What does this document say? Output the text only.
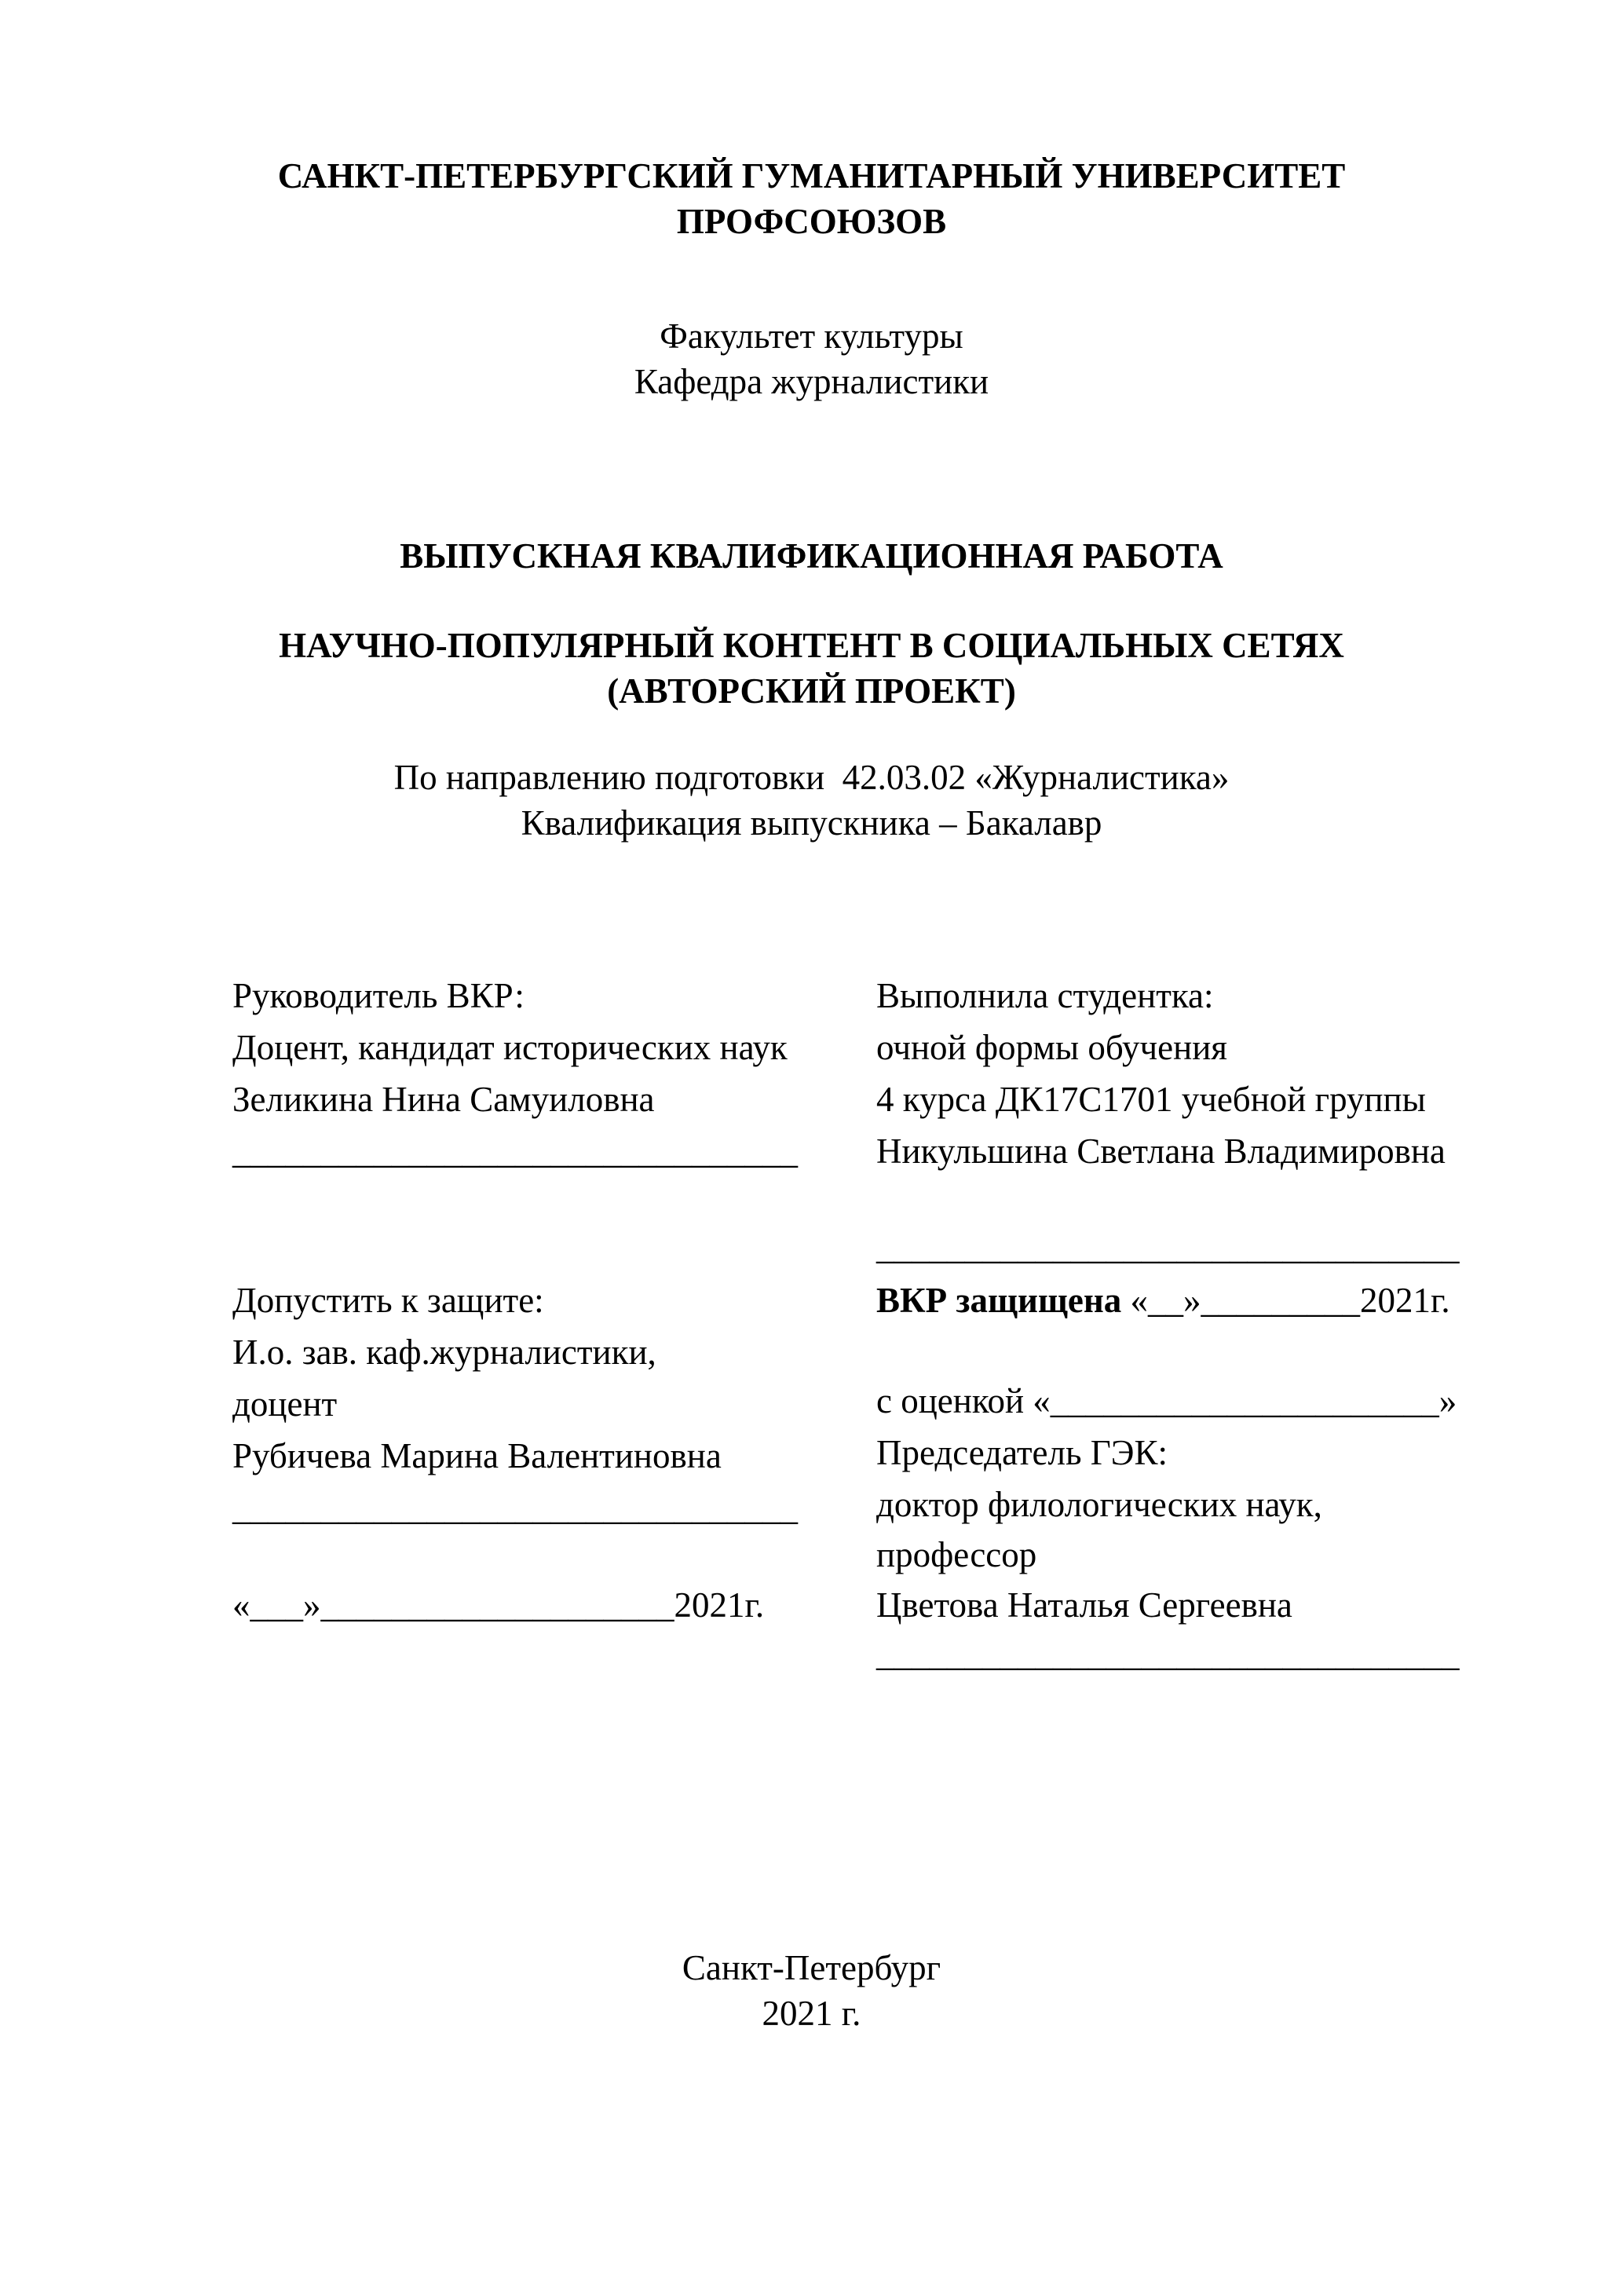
САНКТ-ПЕТЕРБУРГСКИЙ ГУМАНИТАРНЫЙ УНИВЕРСИТЕТ
ПРОФСОЮЗОВ
Факультет культуры
Кафедра журналистики
ВЫПУСКНАЯ КВАЛИФИКАЦИОННАЯ РАБОТА
НАУЧНО-ПОПУЛЯРНЫЙ КОНТЕНТ В СОЦИАЛЬНЫХ СЕТЯХ
(АВТОРСКИЙ ПРОЕКТ)
По направлению подготовки  42.03.02 «Журналистика»
Квалификация выпускника – Бакалавр
Руководитель ВКР:
Доцент, кандидат исторических наук
Зеликина Нина Самуиловна
________________________________
Допустить к защите:
И.о. зав. каф.журналистики,
доцент
Рубичева Марина Валентиновна
________________________________
«___»____________________2021г.
Выполнила студентка:
очной формы обучения
4 курса ДК17С1701 учебной группы
Никульшина Светлана Владимировна
_________________________________
ВКР защищена «__»_________2021г.
с оценкой «______________________»
Председатель ГЭК:
доктор филологических наук,
профессор
Цветова Наталья Сергеевна
_________________________________
Санкт-Петербург
2021 г.
